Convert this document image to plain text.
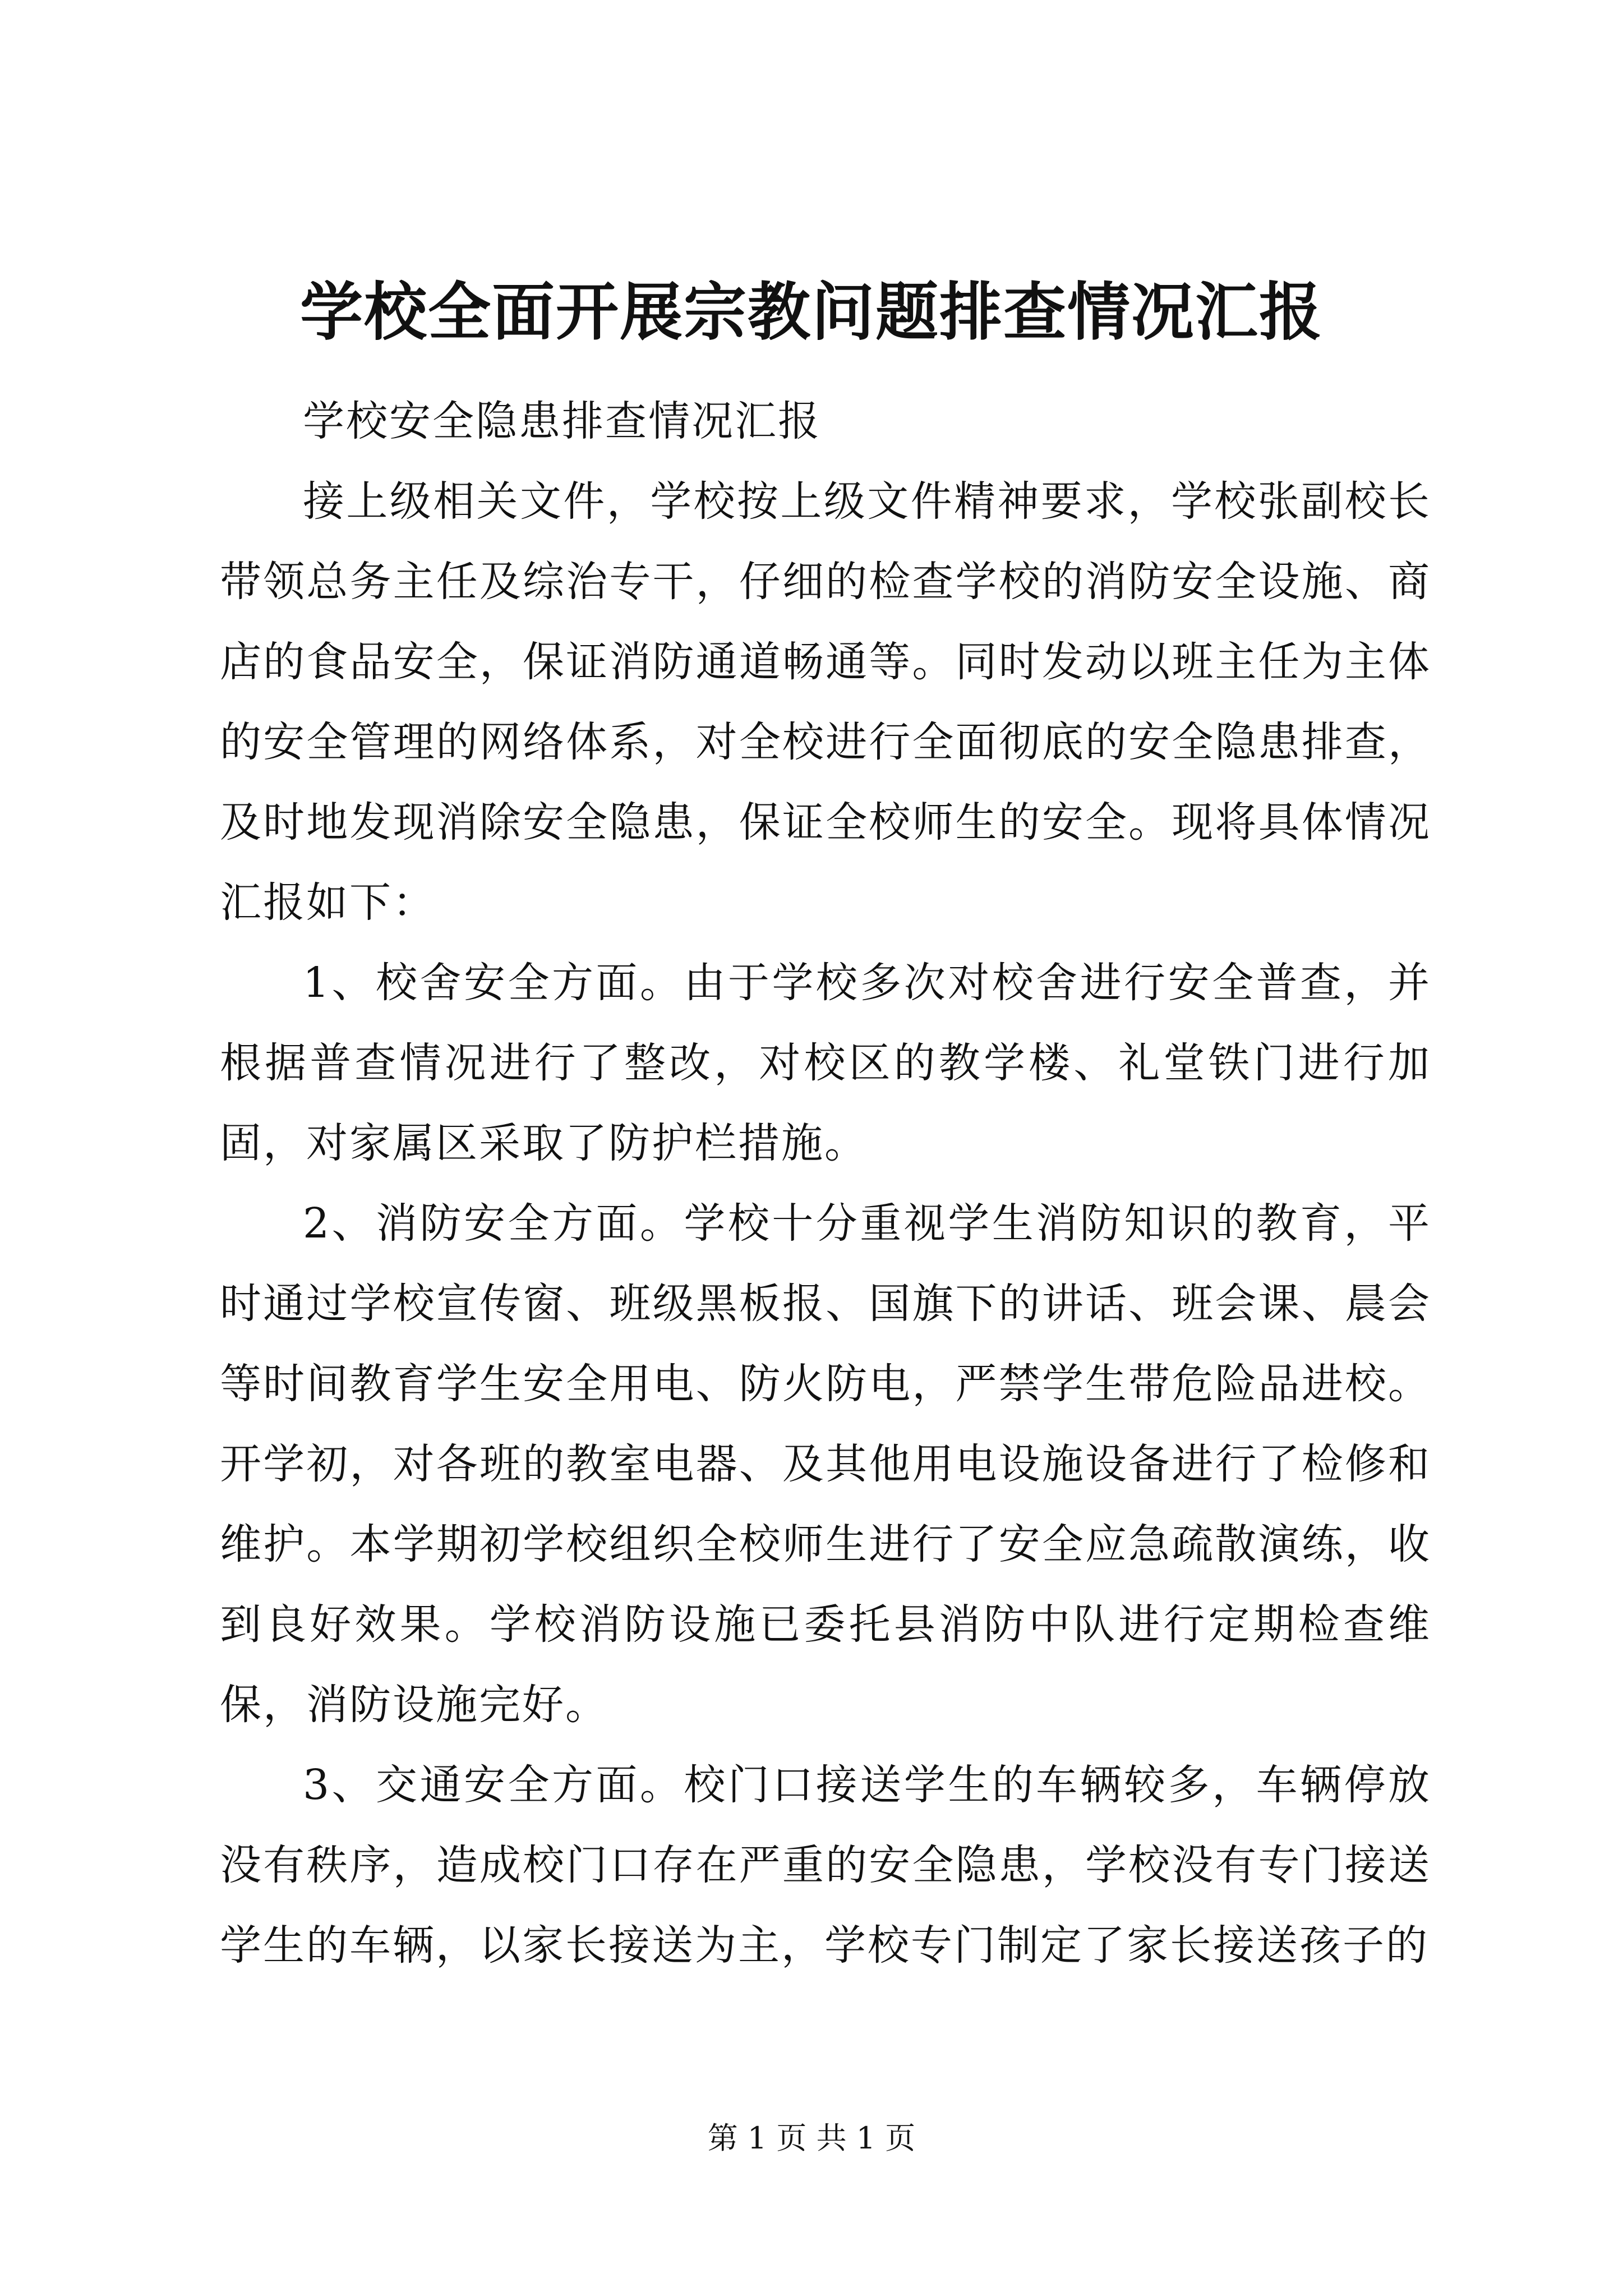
学校全面开展宗教问题排查情况汇报

学校安全隐患排查情况汇报

接上级相关文件，学校按上级文件精神要求，学校张副校长带领总务主任及综治专干，仔细的检查学校的消防安全设施、商店的食品安全，保证消防通道畅通等。同时发动以班主任为主体的安全管理的网络体系，对全校进行全面彻底的安全隐患排查，及时地发现消除安全隐患，保证全校师生的安全。现将具体情况汇报如下：

1、校舍安全方面。由于学校多次对校舍进行安全普查，并根据普查情况进行了整改，对校区的教学楼、礼堂铁门进行加固，对家属区采取了防护栏措施。

2、消防安全方面。学校十分重视学生消防知识的教育，平时通过学校宣传窗、班级黑板报、国旗下的讲话、班会课、晨会等时间教育学生安全用电、防火防电，严禁学生带危险品进校。开学初，对各班的教室电器、及其他用电设施设备进行了检修和维护。本学期初学校组织全校师生进行了安全应急疏散演练，收到良好效果。学校消防设施已委托县消防中队进行定期检查维保，消防设施完好。

3、交通安全方面。校门口接送学生的车辆较多，车辆停放没有秩序，造成校门口存在严重的安全隐患，学校没有专门接送学生的车辆，以家长接送为主，学校专门制定了家长接送孩子的

第 1 页 共 1 页
